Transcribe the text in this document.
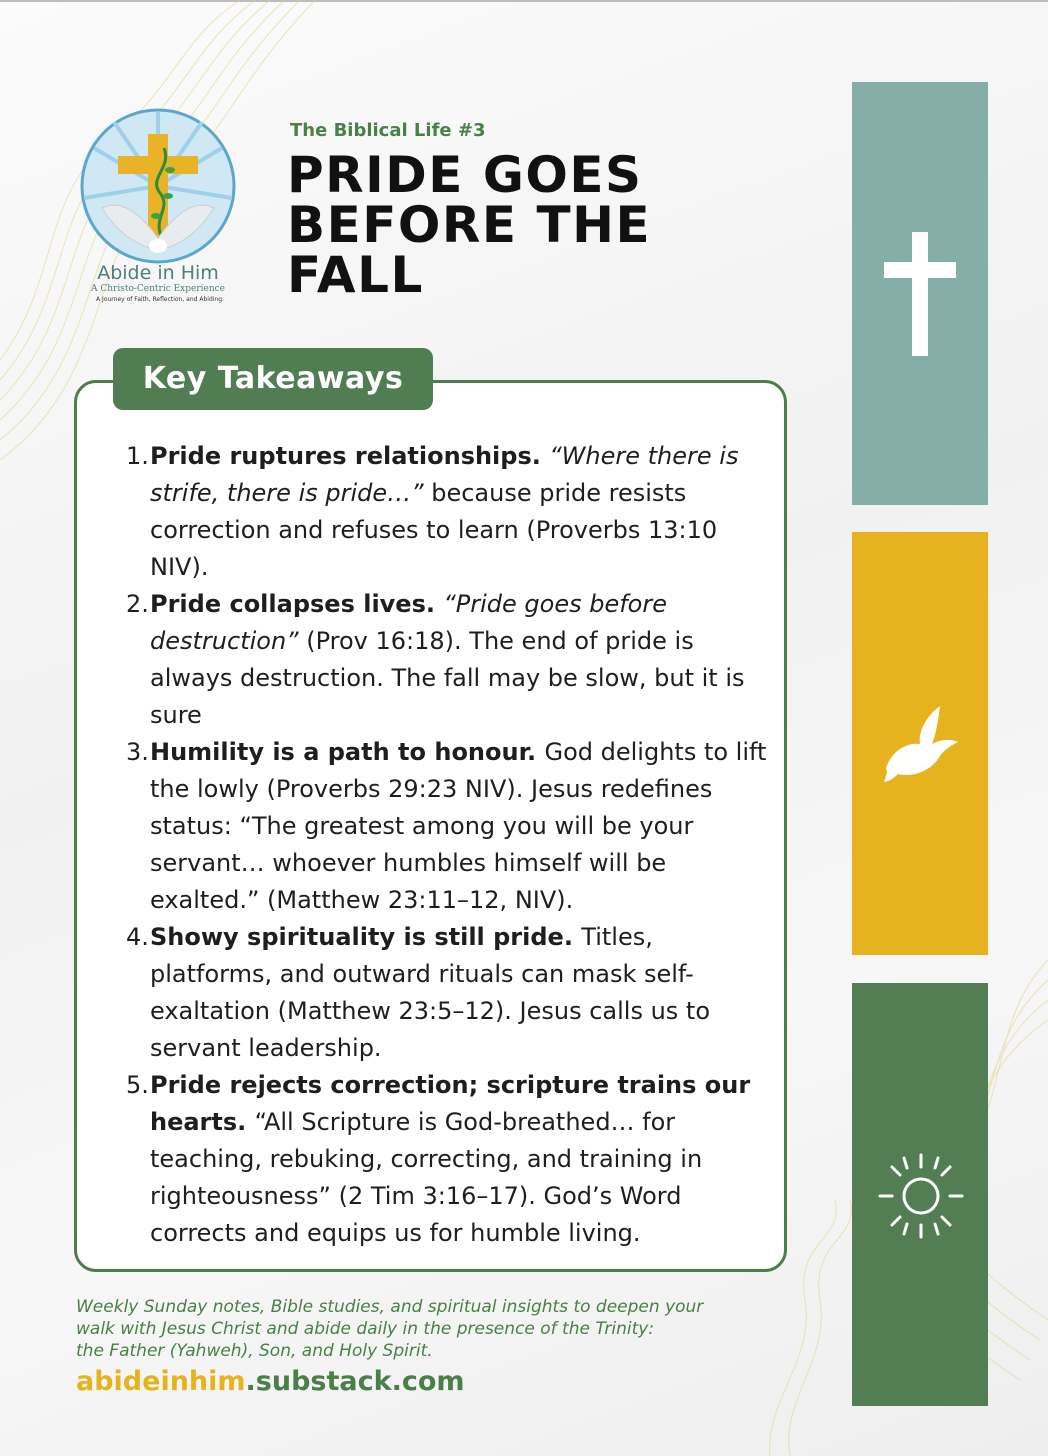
Abide in Him
A Christo-Centric Experience
A Journey of Faith, Reflection, and Abiding.
The Biblical Life #3
PRIDE GOES
BEFORE THE
FALL
Key Takeaways
1. Pride ruptures relationships. “Where there is strife, there is pride…” because pride resists correction and refuses to learn (Proverbs 13:10 NIV).
2. Pride collapses lives. “Pride goes before destruction” (Prov 16:18). The end of pride is always destruction. The fall may be slow, but it is sure
3. Humility is a path to honour. God delights to lift the lowly (Proverbs 29:23 NIV). Jesus redefines status: “The greatest among you will be your servant… whoever humbles himself will be exalted.” (Matthew 23:11–12, NIV).
4. Showy spirituality is still pride. Titles, platforms, and outward rituals can mask self-exaltation (Matthew 23:5–12). Jesus calls us to servant leadership.
5. Pride rejects correction; scripture trains our hearts. “All Scripture is God-breathed… for teaching, rebuking, correcting, and training in righteousness” (2 Tim 3:16–17). God’s Word corrects and equips us for humble living.
Weekly Sunday notes, Bible studies, and spiritual insights to deepen your
walk with Jesus Christ and abide daily in the presence of the Trinity:
the Father (Yahweh), Son, and Holy Spirit.
abideinhim.substack.com
